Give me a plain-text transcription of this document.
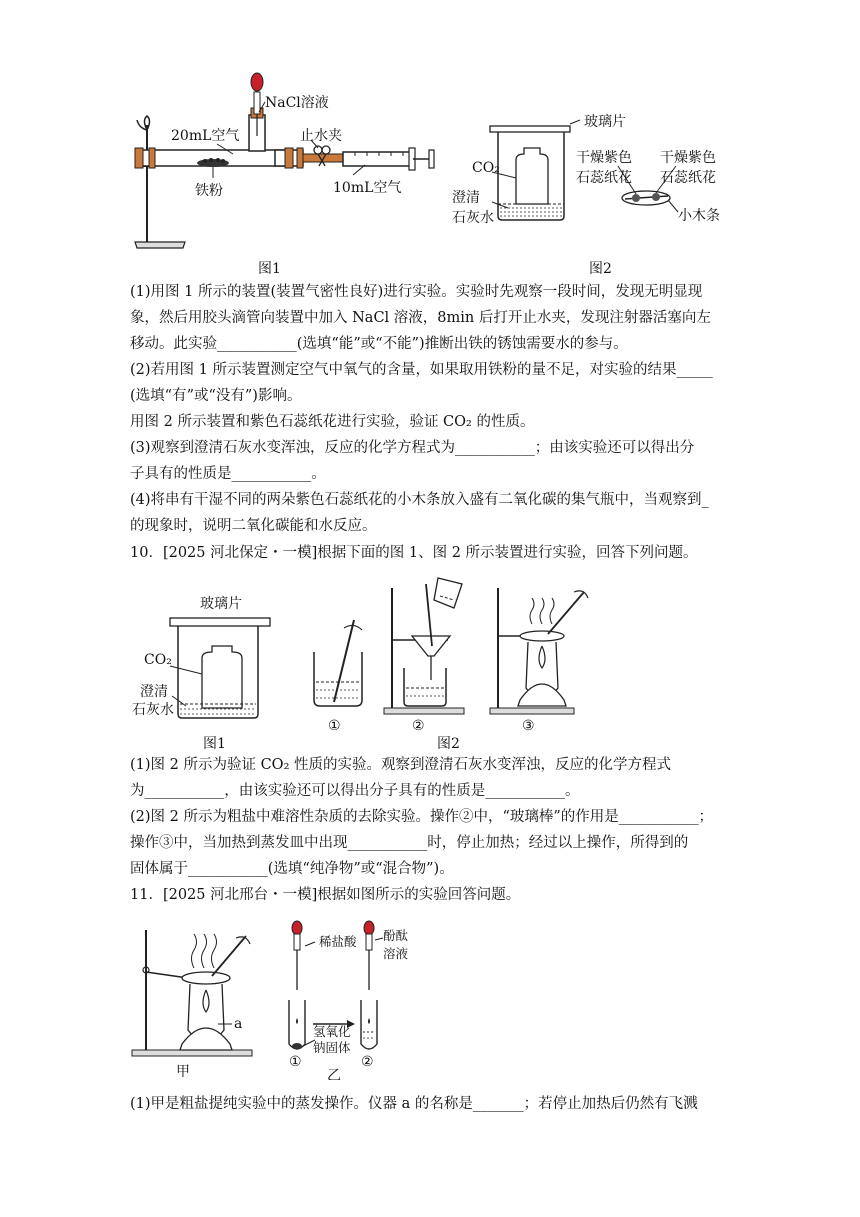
20mL空气
NaCl溶液
止水夹
铁粉	10mL空气
图1
玻璃片
CO₂
澄清
石灰水
干燥紫色
石蕊纸花
干燥紫色
石蕊纸花
小木条
图2
(1)用图 1 所示的装置(装置气密性良好)进行实验。实验时先观察一段时间，发现无明显现
象，然后用胶头滴管向装置中加入 NaCl 溶液，8min 后打开止水夹，发现注射器活塞向左
移动。此实验___________(选填“能”或“不能”)推断出铁的锈蚀需要水的参与。
(2)若用图 1 所示装置测定空气中氧气的含量，如果取用铁粉的量不足，对实验的结果_____
(选填“有”或“没有”)影响。
用图 2 所示装置和紫色石蕊纸花进行实验，验证 CO₂ 的性质。
(3)观察到澄清石灰水变浑浊，反应的化学方程式为___________；由该实验还可以得出分
子具有的性质是___________。
(4)将串有干湿不同的两朵紫色石蕊纸花的小木条放入盛有二氧化碳的集气瓶中，当观察到_
的现象时，说明二氧化碳能和水反应。
10．[2025 河北保定・一模]根据下面的图 1、图 2 所示装置进行实验，回答下列问题。
玻璃片
CO₂
澄清
石灰水
图1
①	②	③
图2
(1)图 2 所示为验证 CO₂ 性质的实验。观察到澄清石灰水变浑浊，反应的化学方程式
为___________，由该实验还可以得出分子具有的性质是___________。
(2)图 2 所示为粗盐中难溶性杂质的去除实验。操作②中，“玻璃棒”的作用是___________；
操作③中，当加热到蒸发皿中出现___________时，停止加热；经过以上操作，所得到的
固体属于___________(选填“纯净物”或“混合物”)。
11．[2025 河北邢台・一模]根据如图所示的实验回答问题。
a
甲
稀盐酸 酚酞
溶液
氢氧化
钠固体
①	②
乙
(1)甲是粗盐提纯实验中的蒸发操作。仪器 a 的名称是_______；若停止加热后仍然有飞溅
